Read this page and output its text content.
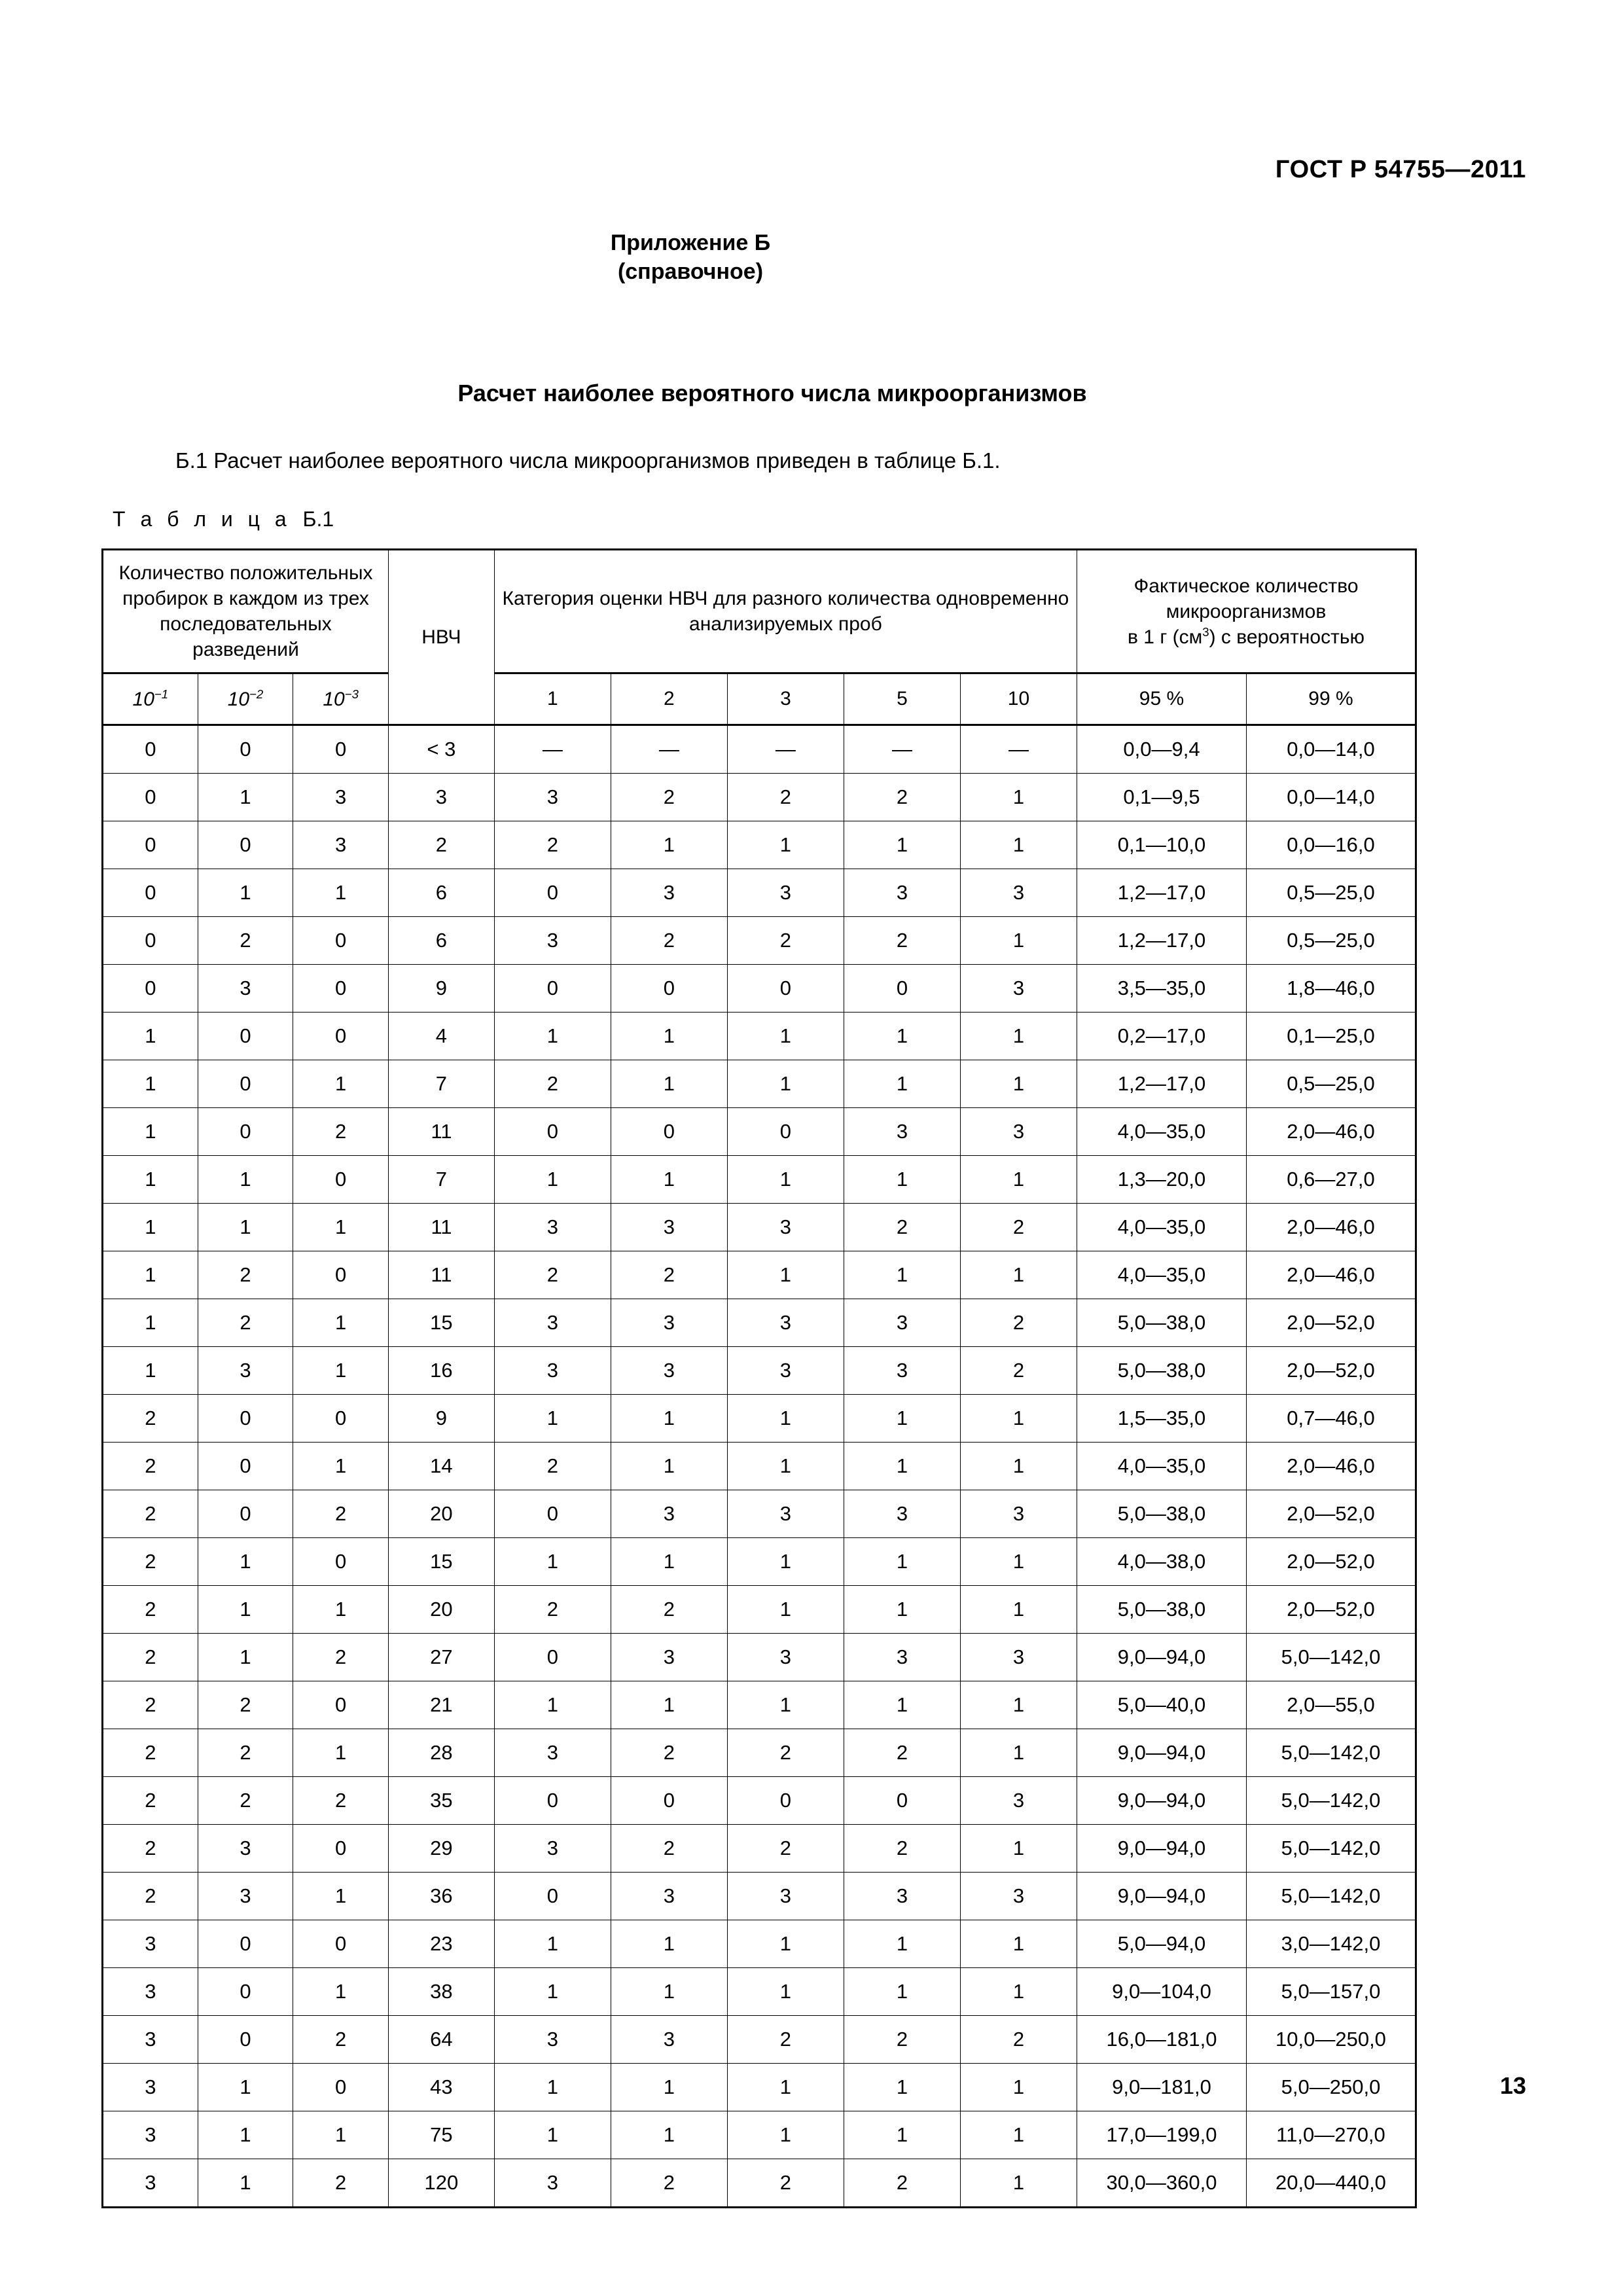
ГОСТ Р 54755—2011
Приложение Б
(справочное)
Расчет наиболее вероятного числа микроорганизмов
Б.1 Расчет наиболее вероятного числа микроорганизмов приведен в таблице Б.1.
Т а б л и ц а Б.1
Количество положительных пробирок в каждом из трех последовательных разведений			НВЧ	Категория оценки НВЧ для разного количества одновременно анализируемых проб					Фактическое количество
микроорганизмов
в 1 г $(см^3)$ с вероятностью	
$10^{-1}$	$10^{-2}$	$10^{-3}$		1	2	3	5	10	95 %	99 %
0	0	0	< 3	—	—	—	—	—	0,0—9,4	0,0—14,0
0	1	3	3	3	2	2	2	1	0,1—9,5	0,0—14,0
0	0	3	2	2	1	1	1	1	0,1—10,0	0,0—16,0
0	1	1	6	0	3	3	3	3	1,2—17,0	0,5—25,0
0	2	0	6	3	2	2	2	1	1,2—17,0	0,5—25,0
0	3	0	9	0	0	0	0	3	3,5—35,0	1,8—46,0
1	0	0	4	1	1	1	1	1	0,2—17,0	0,1—25,0
1	0	1	7	2	1	1	1	1	1,2—17,0	0,5—25,0
1	0	2	11	0	0	0	3	3	4,0—35,0	2,0—46,0
1	1	0	7	1	1	1	1	1	1,3—20,0	0,6—27,0
1	1	1	11	3	3	3	2	2	4,0—35,0	2,0—46,0
1	2	0	11	2	2	1	1	1	4,0—35,0	2,0—46,0
1	2	1	15	3	3	3	3	2	5,0—38,0	2,0—52,0
1	3	1	16	3	3	3	3	2	5,0—38,0	2,0—52,0
2	0	0	9	1	1	1	1	1	1,5—35,0	0,7—46,0
2	0	1	14	2	1	1	1	1	4,0—35,0	2,0—46,0
2	0	2	20	0	3	3	3	3	5,0—38,0	2,0—52,0
2	1	0	15	1	1	1	1	1	4,0—38,0	2,0—52,0
2	1	1	20	2	2	1	1	1	5,0—38,0	2,0—52,0
2	1	2	27	0	3	3	3	3	9,0—94,0	5,0—142,0
2	2	0	21	1	1	1	1	1	5,0—40,0	2,0—55,0
2	2	1	28	3	2	2	2	1	9,0—94,0	5,0—142,0
2	2	2	35	0	0	0	0	3	9,0—94,0	5,0—142,0
2	3	0	29	3	2	2	2	1	9,0—94,0	5,0—142,0
2	3	1	36	0	3	3	3	3	9,0—94,0	5,0—142,0
3	0	0	23	1	1	1	1	1	5,0—94,0	3,0—142,0
3	0	1	38	1	1	1	1	1	9,0—104,0	5,0—157,0
3	0	2	64	3	3	2	2	2	16,0—181,0	10,0—250,0
3	1	0	43	1	1	1	1	1	9,0—181,0	5,0—250,0
3	1	1	75	1	1	1	1	1	17,0—199,0	11,0—270,0
3	1	2	120	3	2	2	2	1	30,0—360,0	20,0—440,0
13
